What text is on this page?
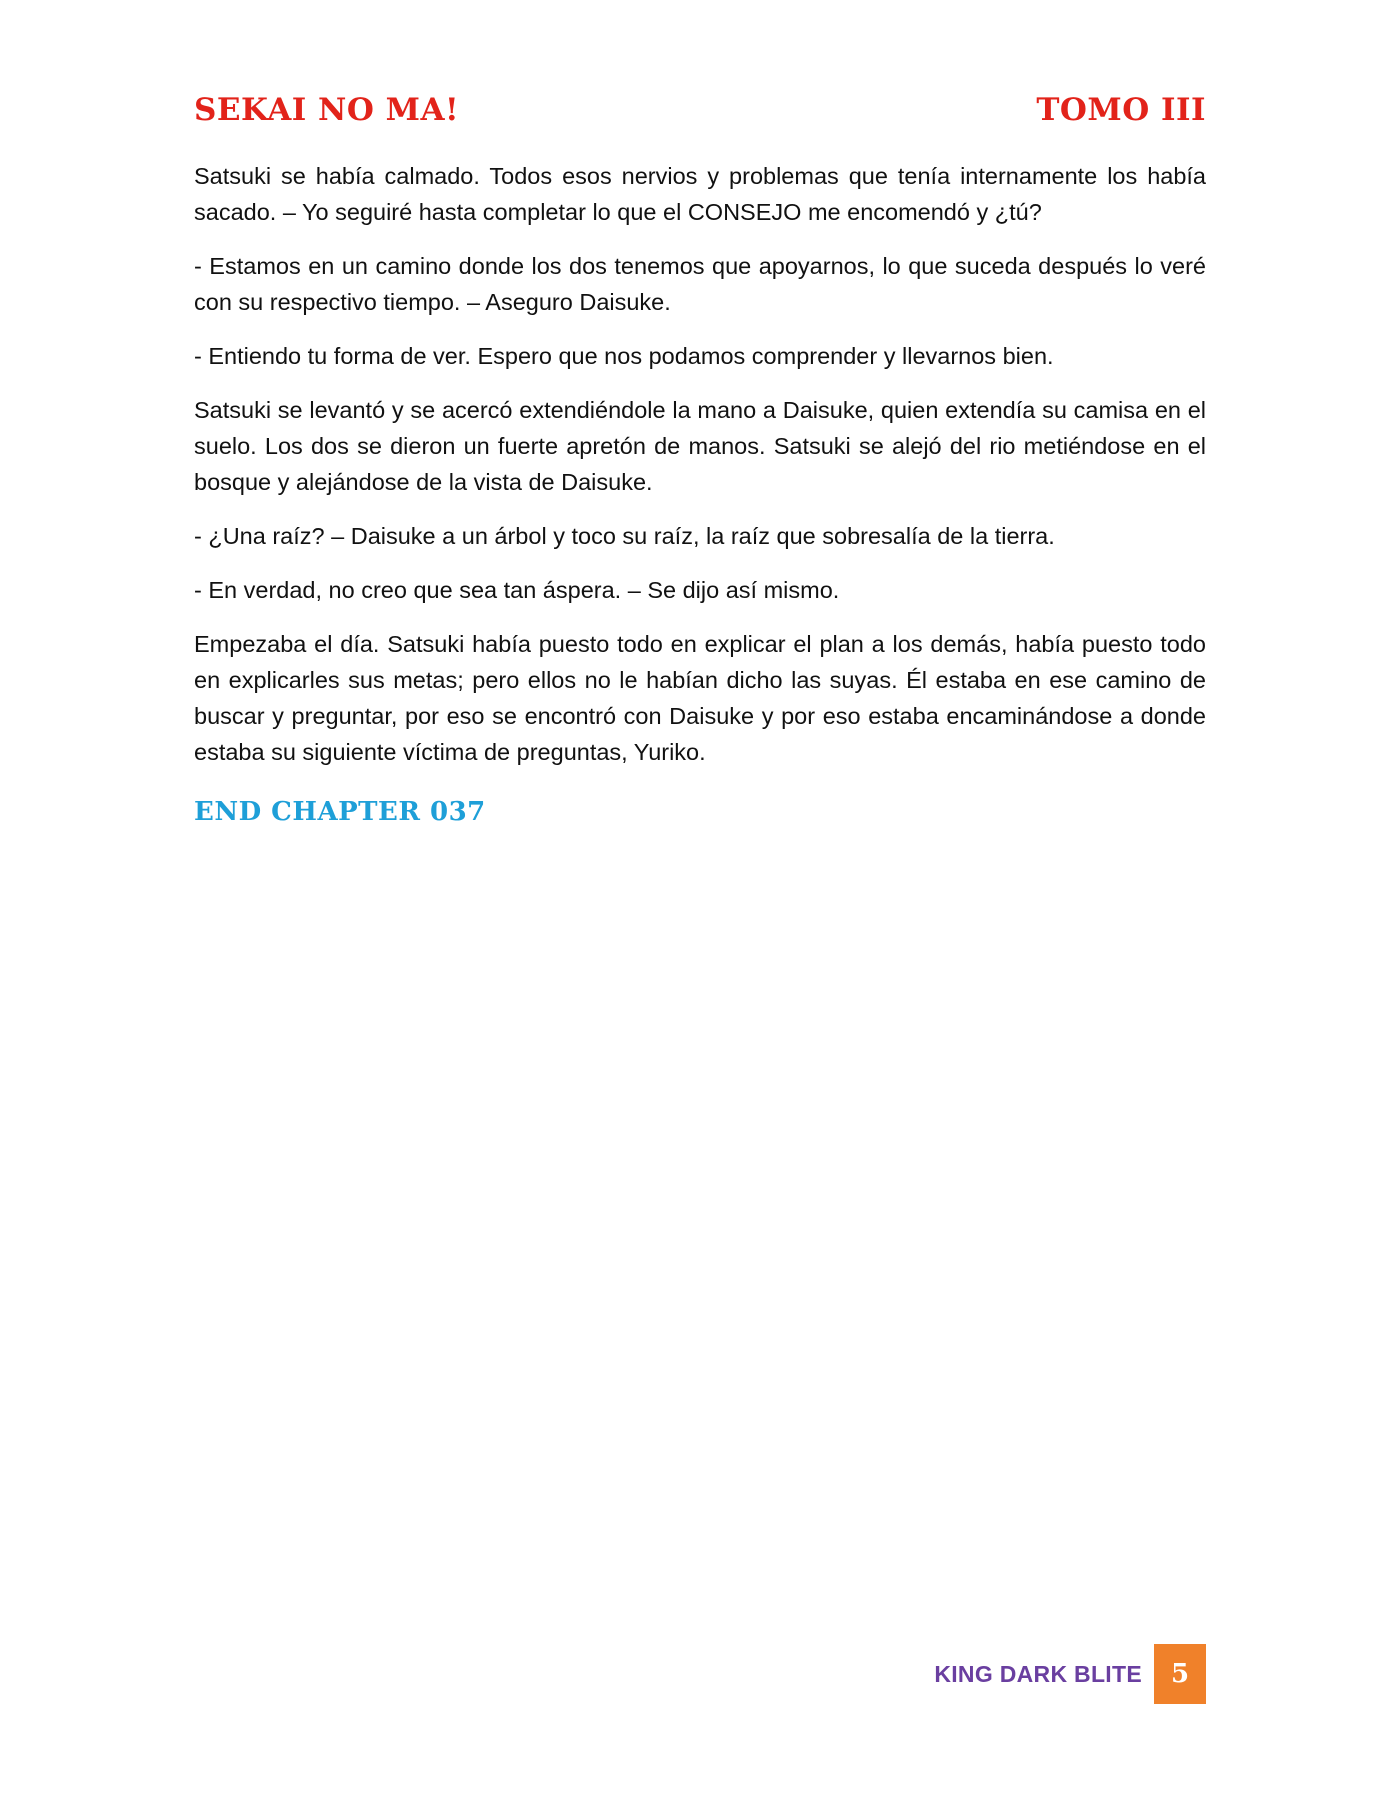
SEKAI NO MA!	TOMO III

Satsuki se había calmado. Todos esos nervios y problemas que tenía internamente los había sacado. – Yo seguiré hasta completar lo que el CONSEJO me encomendó y ¿tú?

- Estamos en un camino donde los dos tenemos que apoyarnos, lo que suceda después lo veré con su respectivo tiempo. – Aseguro Daisuke.

- Entiendo tu forma de ver. Espero que nos podamos comprender y llevarnos bien.

Satsuki se levantó y se acercó extendiéndole la mano a Daisuke, quien extendía su camisa en el suelo. Los dos se dieron un fuerte apretón de manos. Satsuki se alejó del rio metiéndose en el bosque y alejándose de la vista de Daisuke.

- ¿Una raíz? – Daisuke a un árbol y toco su raíz, la raíz que sobresalía de la tierra.

- En verdad, no creo que sea tan áspera. – Se dijo así mismo.

Empezaba el día. Satsuki había puesto todo en explicar el plan a los demás, había puesto todo en explicarles sus metas; pero ellos no le habían dicho las suyas. Él estaba en ese camino de buscar y preguntar, por eso se encontró con Daisuke y por eso estaba encaminándose a donde estaba su siguiente víctima de preguntas, Yuriko.

END CHAPTER 037
KING DARK BLITE	5
